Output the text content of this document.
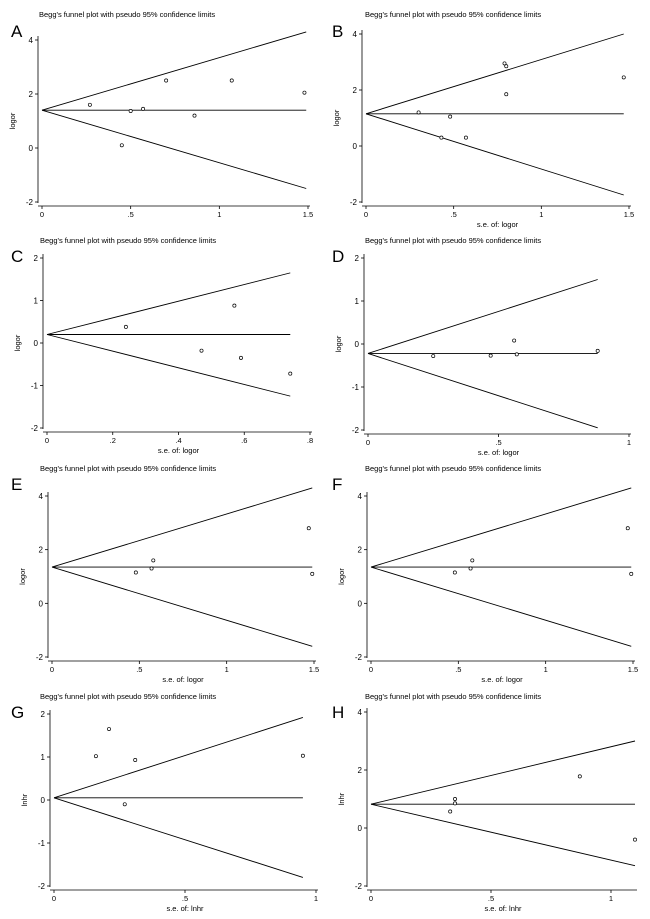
A
Begg's funnel plot with pseudo 95% confidence limits
-2
0
2
4
0	.5	1	1.5
logor
B
Begg's funnel plot with pseudo 95% confidence limits
-2
0
2
4
0	.5	1	1.5
logor
s.e. of: logor
C
Begg's funnel plot with pseudo 95% confidence limits
-2
-1
0
1
2
0	.2	.4	.6	.8
logor
s.e. of: logor
D
Begg's funnel plot with pseudo 95% confidence limits
-2
-1
0
1
2
0	.5	1
logor
s.e. of: logor
E
Begg's funnel plot with pseudo 95% confidence limits
-2
0
2
4
0	.5	1	1.5
logor
s.e. of: logor
F
Begg's funnel plot with pseudo 95% confidence limits
-2
0
2
4
0	.5	1	1.5
logor
s.e. of: logor
G
Begg's funnel plot with pseudo 95% confidence limits
-2
-1
0
1
2
0	.5	1
lnhr
s.e. of: lnhr
H
Begg's funnel plot with pseudo 95% confidence limits
-2
0
2
4
0	.5	1
lnhr
s.e. of: lnhr
